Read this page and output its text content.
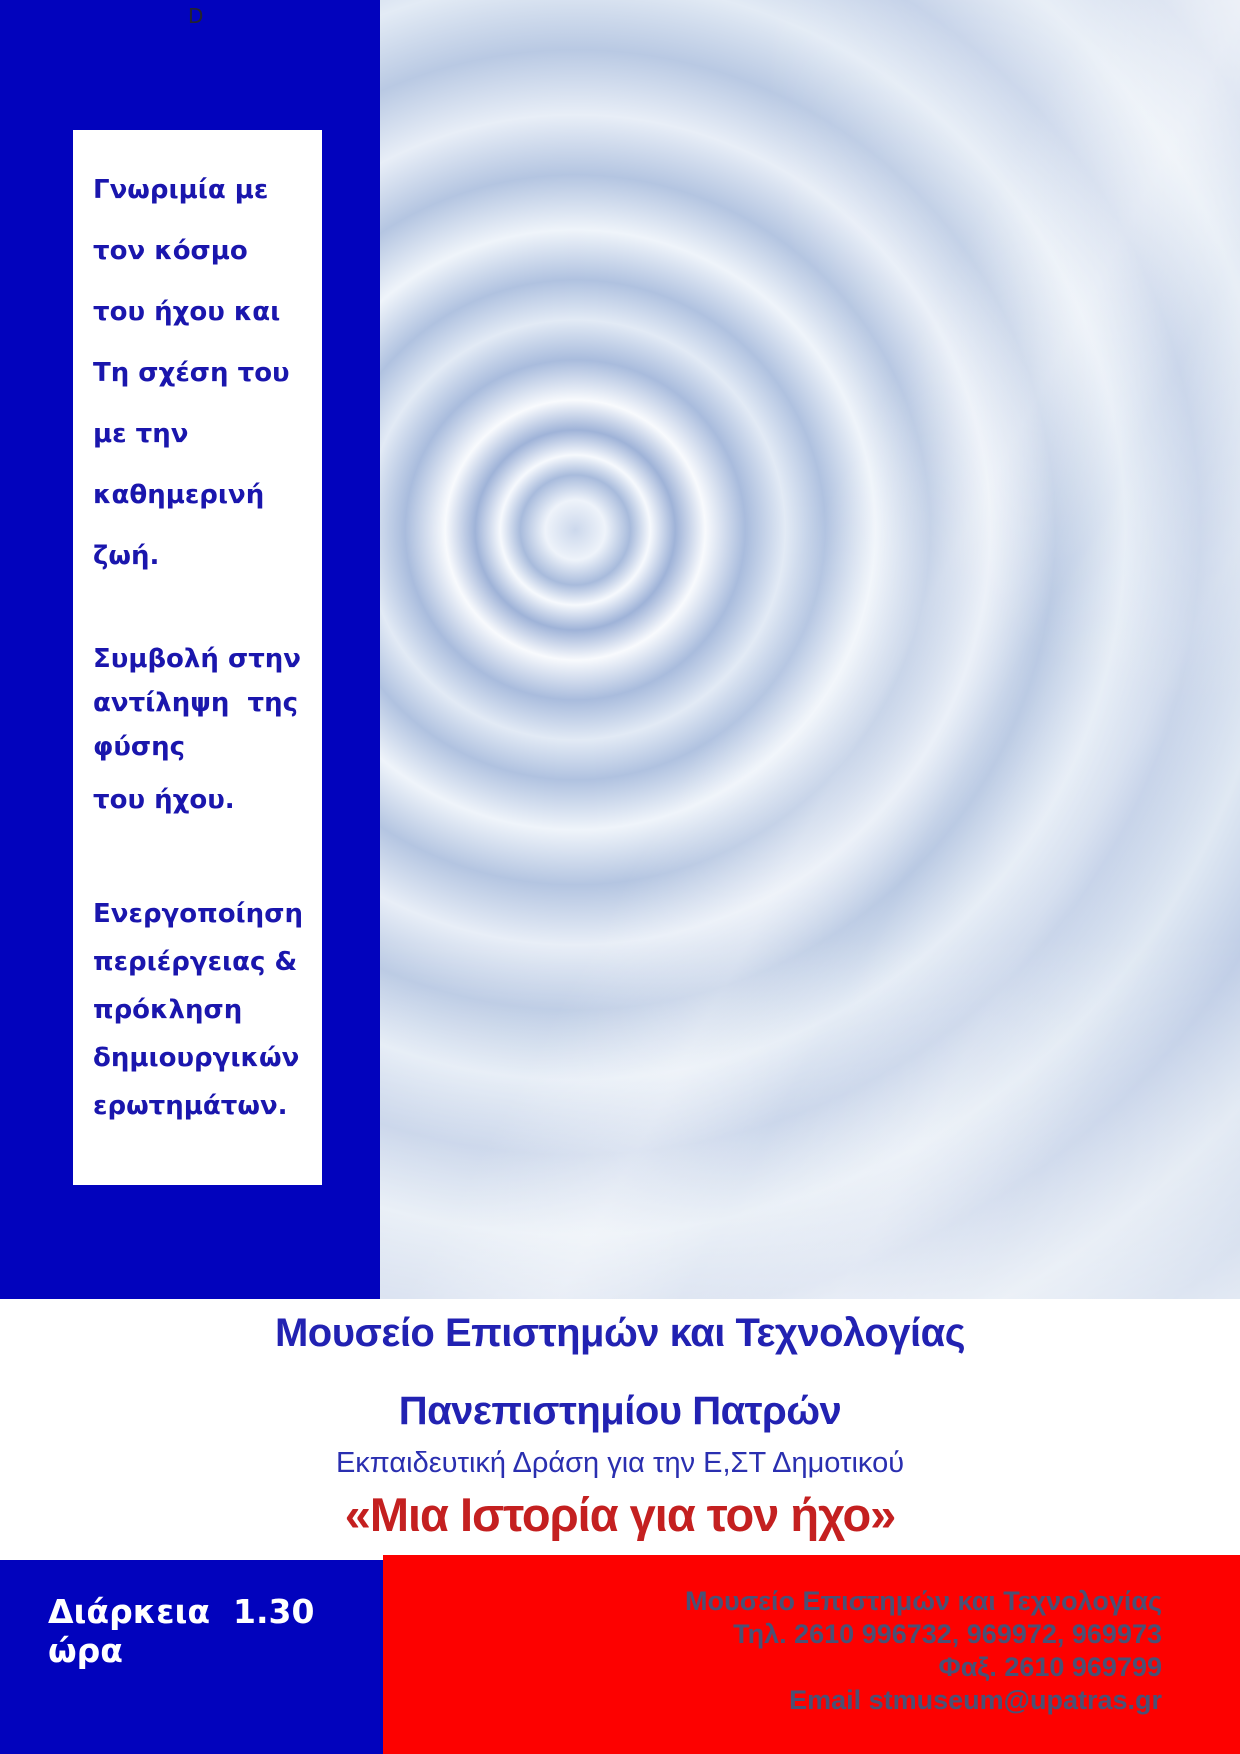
D
Γνωριμία με
τον κόσμο
του ήχου και
Τη σχέση του
με την
καθημερινή
ζωή.
Συμβολή στην
αντίληψη  της
φύσης
του ήχου.
Ενεργοποίηση
περιέργειας &
πρόκληση
δημιουργικών
ερωτημάτων.
Μουσείο Επιστημών και Τεχνολογίας
Πανεπιστημίου Πατρών
Εκπαιδευτική Δράση για την Ε,ΣΤ Δημοτικού
«Μια Ιστορία για τον ήχο»
Διάρκεια  1.30 ώρα
Μουσείο Επιστημών και Τεχνολογίας
Τηλ. 2610 996732, 969972, 969973
Φαξ. 2610 969799
Email stmuseum@upatras.gr
